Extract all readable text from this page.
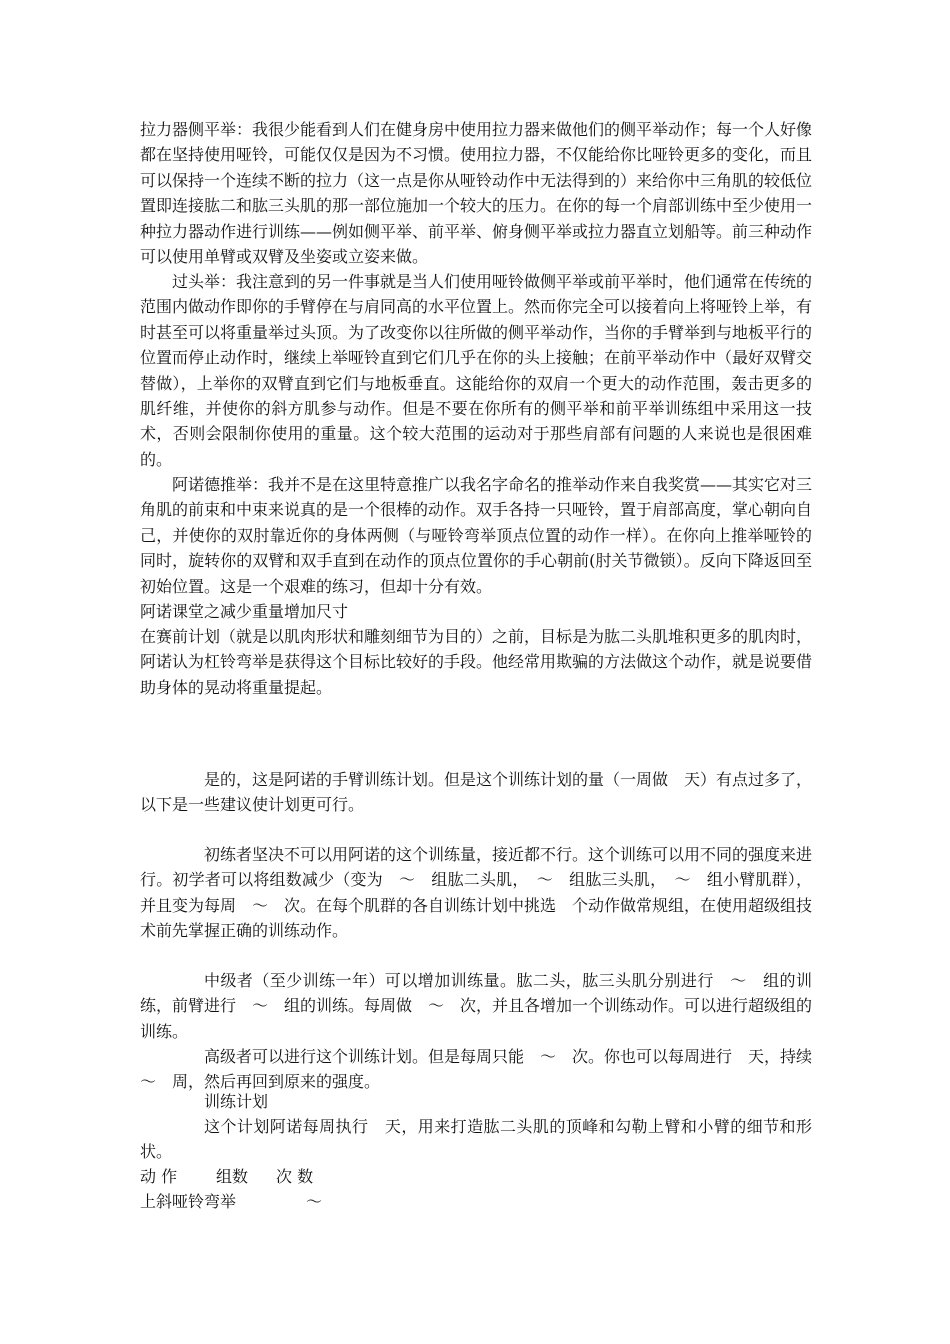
拉力器侧平举：我很少能看到人们在健身房中使用拉力器来做他们的侧平举动作；每一个人好像都在坚持使用哑铃，可能仅仅是因为不习惯。使用拉力器，不仅能给你比哑铃更多的变化，而且可以保持一个连续不断的拉力（这一点是你从哑铃动作中无法得到的）来给你中三角肌的较低位置即连接肱二和肱三头肌的那一部位施加一个较大的压力。在你的每一个肩部训练中至少使用一种拉力器动作进行训练——例如侧平举、前平举、俯身侧平举或拉力器直立划船等。前三种动作可以使用单臂或双臂及坐姿或立姿来做。

过头举：我注意到的另一件事就是当人们使用哑铃做侧平举或前平举时，他们通常在传统的范围内做动作即你的手臂停在与肩同高的水平位置上。然而你完全可以接着向上将哑铃上举，有时甚至可以将重量举过头顶。为了改变你以往所做的侧平举动作，当你的手臂举到与地板平行的位置而停止动作时，继续上举哑铃直到它们几乎在你的头上接触；在前平举动作中（最好双臂交替做），上举你的双臂直到它们与地板垂直。这能给你的双肩一个更大的动作范围，轰击更多的肌纤维，并使你的斜方肌参与动作。但是不要在你所有的侧平举和前平举训练组中采用这一技术，否则会限制你使用的重量。这个较大范围的运动对于那些肩部有问题的人来说也是很困难的。

阿诺德推举：我并不是在这里特意推广以我名字命名的推举动作来自我奖赏——其实它对三角肌的前束和中束来说真的是一个很棒的动作。双手各持一只哑铃，置于肩部高度，掌心朝向自己，并使你的双肘靠近你的身体两侧（与哑铃弯举顶点位置的动作一样）。在你向上推举哑铃的同时，旋转你的双臂和双手直到在动作的顶点位置你的手心朝前(肘关节微锁）。反向下降返回至初始位置。这是一个艰难的练习，但却十分有效。

阿诺课堂之减少重量增加尺寸

在赛前计划（就是以肌肉形状和雕刻细节为目的）之前，目标是为肱二头肌堆积更多的肌肉时，阿诺认为杠铃弯举是获得这个目标比较好的手段。他经常用欺骗的方法做这个动作，就是说要借助身体的晃动将重量提起。

是的，这是阿诺的手臂训练计划。但是这个训练计划的量（一周做　天）有点过多了，以下是一些建议使计划更可行。

初练者坚决不可以用阿诺的这个训练量，接近都不行。这个训练可以用不同的强度来进行。初学者可以将组数减少（变为　～　组肱二头肌，　～　组肱三头肌，　～　组小臂肌群），并且变为每周　～　次。在每个肌群的各自训练计划中挑选　个动作做常规组，在使用超级组技术前先掌握正确的训练动作。

中级者（至少训练一年）可以增加训练量。肱二头，肱三头肌分别进行　～　组的训练，前臂进行　～　组的训练。每周做　～　次，并且各增加一个训练动作。可以进行超级组的训练。

高级者可以进行这个训练计划。但是每周只能　～　次。你也可以每周进行　天，持续　～　周，然后再回到原来的强度。

训练计划

这个计划阿诺每周执行　天，用来打造肱二头肌的顶峰和勾勒上臂和小臂的细节和形状。

动 作 组数 次 数
上斜哑铃弯举	～
